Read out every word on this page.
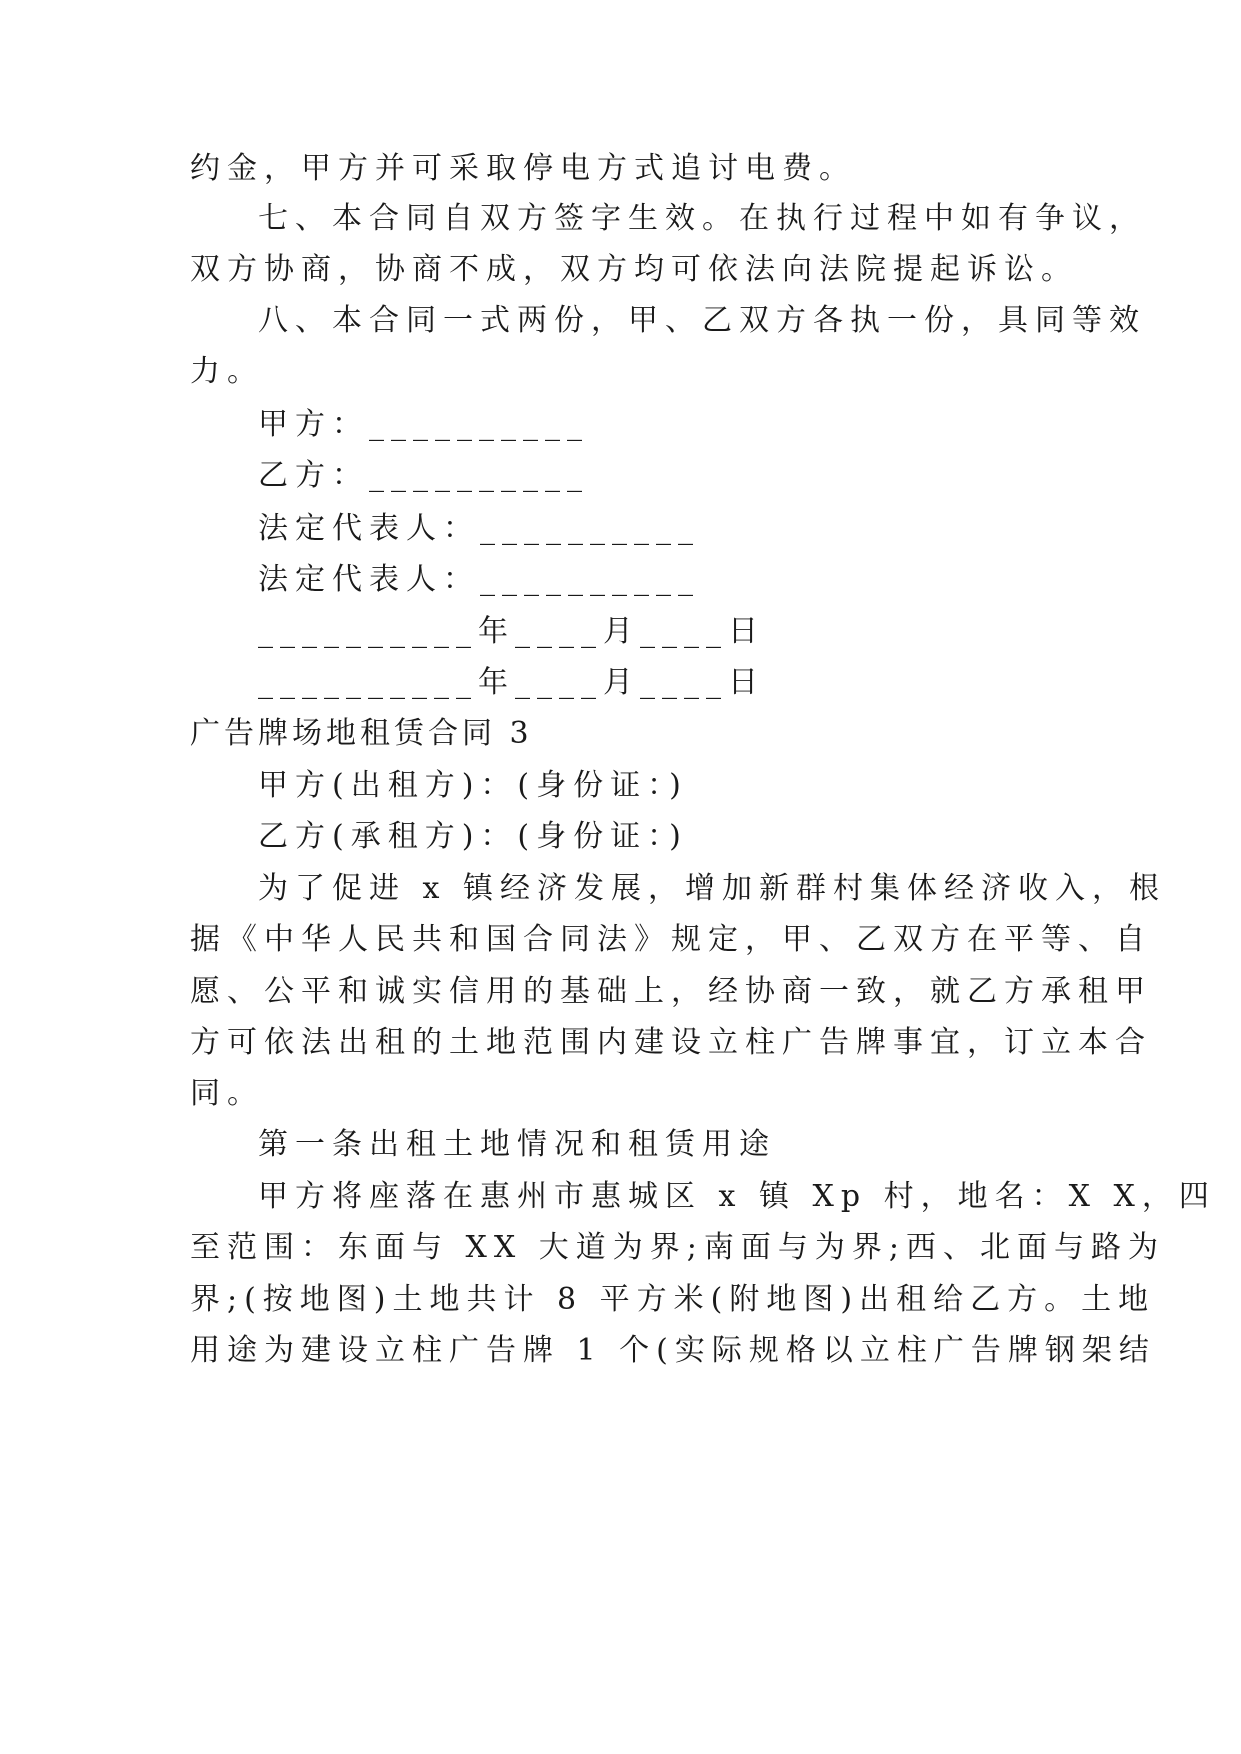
约金，甲方并可采取停电方式追讨电费。
七、本合同自双方签字生效。在执行过程中如有争议，
双方协商，协商不成，双方均可依法向法院提起诉讼。
八、本合同一式两份，甲、乙双方各执一份，具同等效
力。
甲方：__________
乙方：__________
法定代表人：__________
法定代表人：__________
__________年____月____日
__________年____月____日
广告牌场地租赁合同 3
甲方(出租方)：(身份证：)
乙方(承租方)：(身份证：)
为了促进 x 镇经济发展，增加新群村集体经济收入，根
据《中华人民共和国合同法》规定，甲、乙双方在平等、自
愿、公平和诚实信用的基础上，经协商一致，就乙方承租甲
方可依法出租的土地范围内建设立柱广告牌事宜，订立本合
同。
第一条出租土地情况和租赁用途
甲方将座落在惠州市惠城区 x 镇 Xp 村，地名：X X，四
至范围：东面与 XX 大道为界;南面与为界;西、北面与路为
界;(按地图)土地共计 8 平方米(附地图)出租给乙方。土地
用途为建设立柱广告牌 1 个(实际规格以立柱广告牌钢架结
